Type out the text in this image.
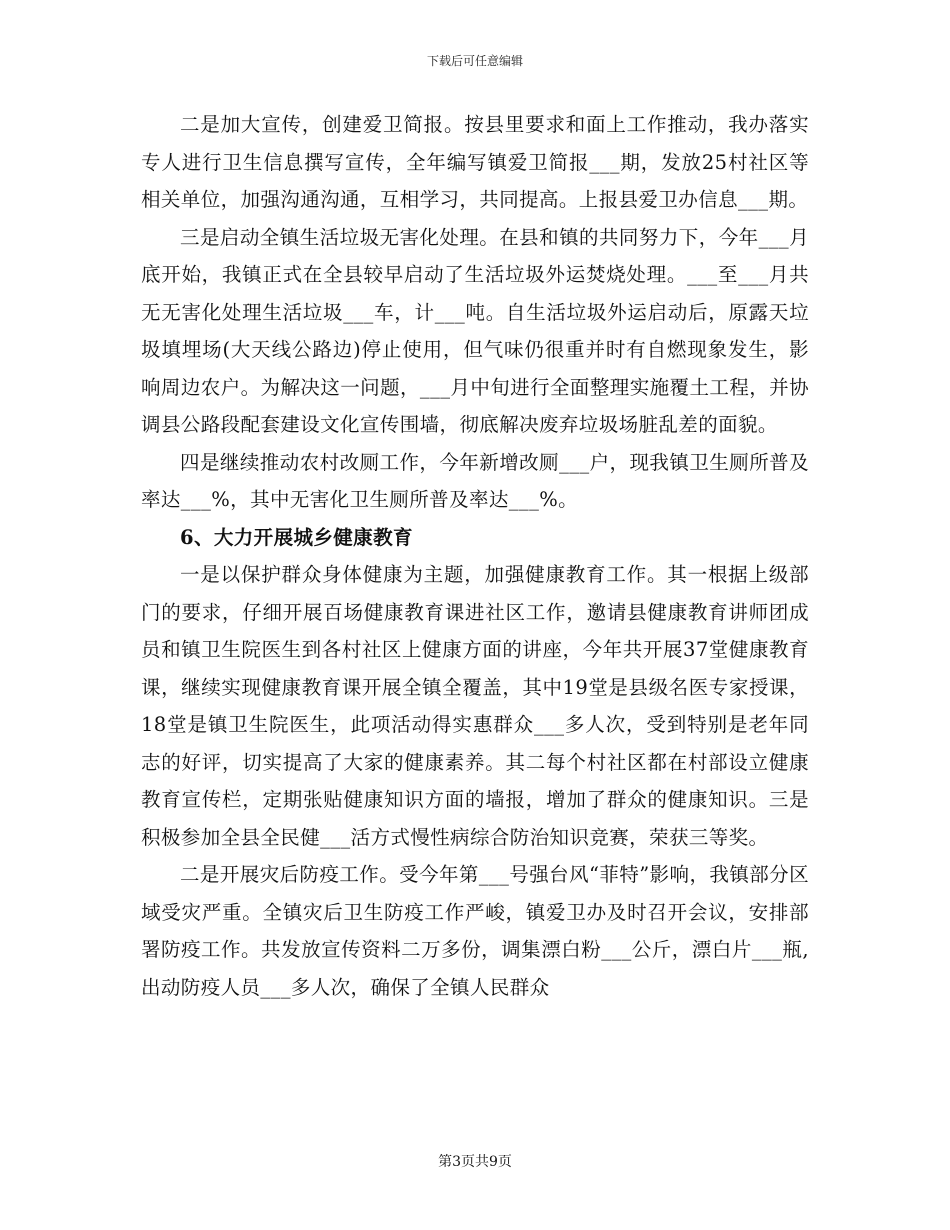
下载后可任意编辑

二是加大宣传，创建爱卫简报。按县里要求和面上工作推动，我办落实专人进行卫生信息撰写宣传，全年编写镇爱卫简报___期，发放25村社区等相关单位，加强沟通沟通，互相学习，共同提高。上报县爱卫办信息___期。

三是启动全镇生活垃圾无害化处理。在县和镇的共同努力下，今年___月底开始，我镇正式在全县较早启动了生活垃圾外运焚烧处理。___至___月共无无害化处理生活垃圾___车，计___吨。自生活垃圾外运启动后，原露天垃圾填埋场(大天线公路边)停止使用，但气味仍很重并时有自燃现象发生，影响周边农户。为解决这一问题，___月中旬进行全面整理实施覆土工程，并协调县公路段配套建设文化宣传围墙，彻底解决废弃垃圾场脏乱差的面貌。

四是继续推动农村改厕工作，今年新增改厕___户，现我镇卫生厕所普及率达___%，其中无害化卫生厕所普及率达___%。

6、大力开展城乡健康教育

一是以保护群众身体健康为主题，加强健康教育工作。其一根据上级部门的要求，仔细开展百场健康教育课进社区工作，邀请县健康教育讲师团成员和镇卫生院医生到各村社区上健康方面的讲座，今年共开展37堂健康教育课，继续实现健康教育课开展全镇全覆盖，其中19堂是县级名医专家授课，18堂是镇卫生院医生，此项活动得实惠群众___多人次，受到特别是老年同志的好评，切实提高了大家的健康素养。其二每个村社区都在村部设立健康教育宣传栏，定期张贴健康知识方面的墙报，增加了群众的健康知识。三是积极参加全县全民健___活方式慢性病综合防治知识竞赛，荣获三等奖。

二是开展灾后防疫工作。受今年第___号强台风“菲特”影响，我镇部分区域受灾严重。全镇灾后卫生防疫工作严峻，镇爱卫办及时召开会议，安排部署防疫工作。共发放宣传资料二万多份，调集漂白粉___公斤，漂白片___瓶,出动防疫人员___多人次，确保了全镇人民群众

第3页共9页
